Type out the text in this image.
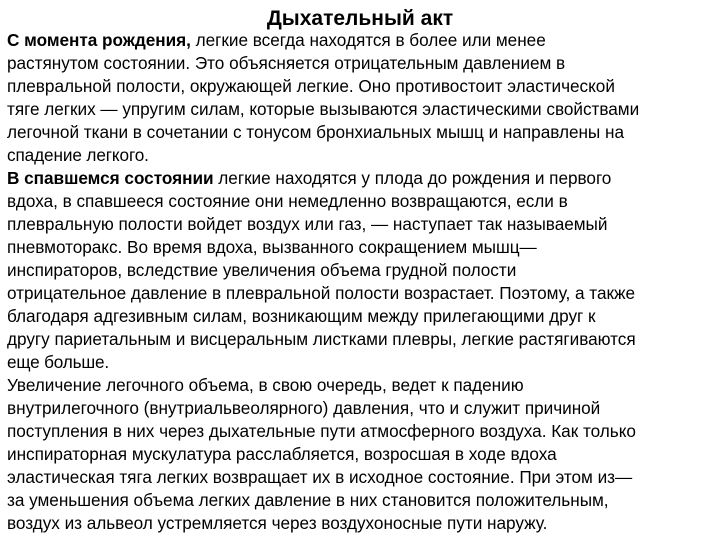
Дыхательный акт
С момента рождения, легкие всегда находятся в более или менее
растянутом состоянии. Это объясняется отрицательным давлением в
плевральной полости, окружающей легкие. Оно противостоит эластической
тяге легких — упругим силам, которые вызываются эластическими свойствами
легочной ткани в сочетании с тонусом бронхиальных мышц и направлены на
спадение легкого.
В спавшемся состоянии легкие находятся у плода до рождения и первого
вдоха, в спавшееся состояние они немедленно возвращаются, если в
плевральную полости войдет воздух или газ, — наступает так называемый
пневмоторакс. Во время вдоха, вызванного сокращением мышц—
инспираторов, вследствие увеличения объема грудной полости
отрицательное давление в плевральной полости возрастает. Поэтому, а также
благодаря адгезивным силам, возникающим между прилегающими друг к
другу париетальным и висцеральным листками плевры, легкие растягиваются
еще больше.
Увеличение легочного объема, в свою очередь, ведет к падению
внутрилегочного (внутриальвеолярного) давления, что и служит причиной
поступления в них через дыхательные пути атмосферного воздуха. Как только
инспираторная мускулатура расслабляется, возросшая в ходе вдоха
эластическая тяга легких возвращает их в исходное состояние. При этом из—
за уменьшения объема легких давление в них становится положительным,
воздух из альвеол устремляется через воздухоносные пути наружу.
